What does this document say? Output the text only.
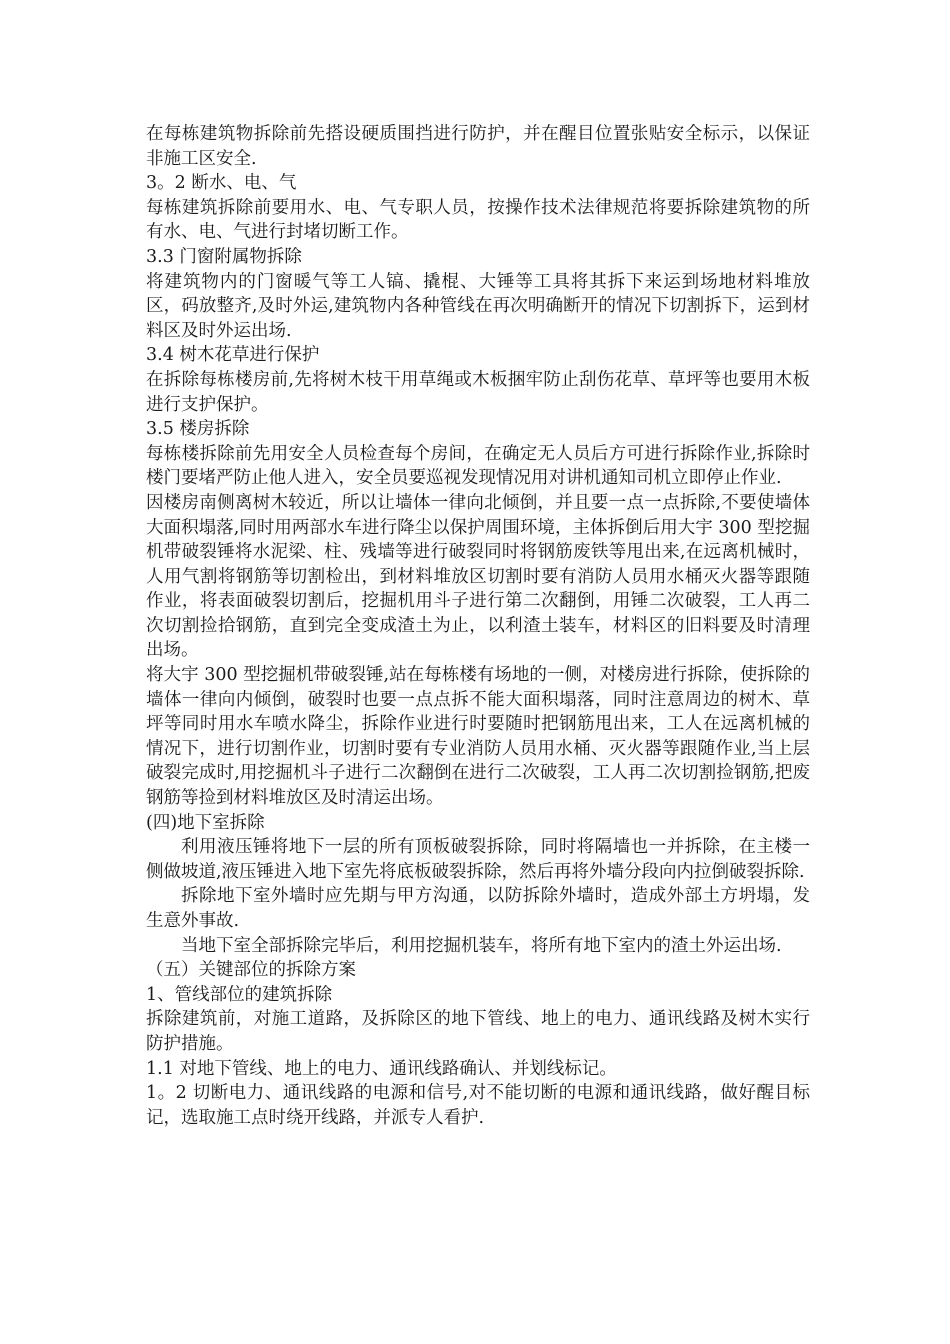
在每栋建筑物拆除前先搭设硬质围挡进行防护，并在醒目位置张贴安全标示，以保证非施工区安全.

3。2 断水、电、气

每栋建筑拆除前要用水、电、气专职人员，按操作技术法律规范将要拆除建筑物的所有水、电、气进行封堵切断工作。

3.3 门窗附属物拆除

将建筑物内的门窗暖气等工人镐、撬棍、大锤等工具将其拆下来运到场地材料堆放区，码放整齐,及时外运,建筑物内各种管线在再次明确断开的情况下切割拆下，运到材料区及时外运出场.

3.4 树木花草进行保护

在拆除每栋楼房前,先将树木枝干用草绳或木板捆牢防止刮伤花草、草坪等也要用木板进行支护保护。

3.5 楼房拆除

每栋楼拆除前先用安全人员检查每个房间，在确定无人员后方可进行拆除作业,拆除时楼门要堵严防止他人进入，安全员要巡视发现情况用对讲机通知司机立即停止作业.

因楼房南侧离树木较近，所以让墙体一律向北倾倒，并且要一点一点拆除,不要使墙体大面积塌落,同时用两部水车进行降尘以保护周围环境，主体拆倒后用大宇 300 型挖掘机带破裂锤将水泥梁、柱、残墙等进行破裂同时将钢筋废铁等甩出来,在远离机械时，人用气割将钢筋等切割检出，到材料堆放区切割时要有消防人员用水桶灭火器等跟随作业，将表面破裂切割后，挖掘机用斗子进行第二次翻倒，用锤二次破裂，工人再二次切割捡拾钢筋，直到完全变成渣土为止，以利渣土装车，材料区的旧料要及时清理出场。

将大宇 300 型挖掘机带破裂锤,站在每栋楼有场地的一侧，对楼房进行拆除，使拆除的墙体一律向内倾倒，破裂时也要一点点拆不能大面积塌落，同时注意周边的树木、草坪等同时用水车喷水降尘，拆除作业进行时要随时把钢筋甩出来，工人在远离机械的情况下，进行切割作业，切割时要有专业消防人员用水桶、灭火器等跟随作业,当上层破裂完成时,用挖掘机斗子进行二次翻倒在进行二次破裂，工人再二次切割捡钢筋,把废钢筋等捡到材料堆放区及时清运出场。

(四)地下室拆除

利用液压锤将地下一层的所有顶板破裂拆除，同时将隔墙也一并拆除，在主楼一侧做坡道,液压锤进入地下室先将底板破裂拆除，然后再将外墙分段向内拉倒破裂拆除.

拆除地下室外墙时应先期与甲方沟通，以防拆除外墙时，造成外部土方坍塌，发生意外事故.

当地下室全部拆除完毕后，利用挖掘机装车，将所有地下室内的渣土外运出场.

（五）关键部位的拆除方案

1、管线部位的建筑拆除

拆除建筑前，对施工道路，及拆除区的地下管线、地上的电力、通讯线路及树木实行防护措施。

1.1 对地下管线、地上的电力、通讯线路确认、并划线标记。

1。2 切断电力、通讯线路的电源和信号,对不能切断的电源和通讯线路，做好醒目标记，选取施工点时绕开线路，并派专人看护.
